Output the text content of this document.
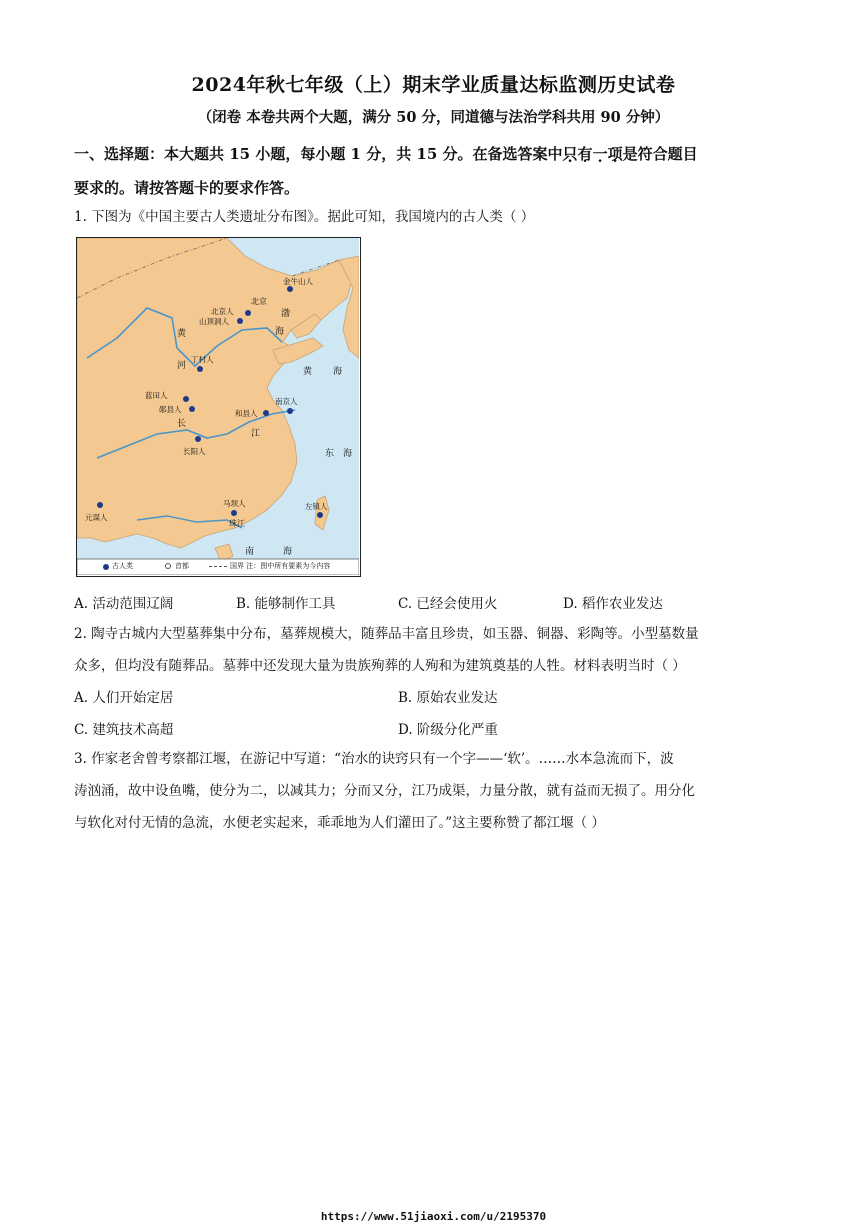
2024年秋七年级（上）期末学业质量达标监测历史试卷
（闭卷 本卷共两个大题，满分 50 分，同道德与法治学科共用 90 分钟）
一、选择题：本大题共 15 小题，每小题 1 分，共 15 分。在备选答案中只 .有 .一 .项 .是符合题目
要求的。请按答题卡的要求作答。
1. 下图为《中国主要古人类遗址分布图》。据此可知，我国境内的古人类（ ）
金牛山人
北京
北京人
山顶洞人
丁村人
蓝田人
郧县人
长阳人
和县人
南京人
马坝人
元谋人
左镇人
黄
河
长
江
珠江
渤
海
黄 海
东 海
南	海
古人类	首都	国界 注：图中所有要素为今内容
A. 活动范围辽阔	B. 能够制作工具	C. 已经会使用火	D. 稻作农业发达
2. 陶寺古城内大型墓葬集中分布，墓葬规模大，随葬品丰富且珍贵，如玉器、铜器、彩陶等。小型墓数量
众多，但均没有随葬品。墓葬中还发现大量为贵族殉葬的人殉和为建筑奠基的人牲。材料表明当时（ ）
A. 人们开始定居	B. 原始农业发达
C. 建筑技术高超	D. 阶级分化严重
3. 作家老舍曾考察都江堰，在游记中写道：“治水的诀窍只有一个字——‘软’。……水本急流而下，波
涛汹涌，故中设鱼嘴，使分为二，以减其力；分而又分，江乃成渠，力量分散，就有益而无损了。用分化
与软化对付无情的急流，水便老实起来，乖乖地为人们灌田了。”这主要称赞了都江堰（ ）
https://www.51jiaoxi.com/u/2195370
